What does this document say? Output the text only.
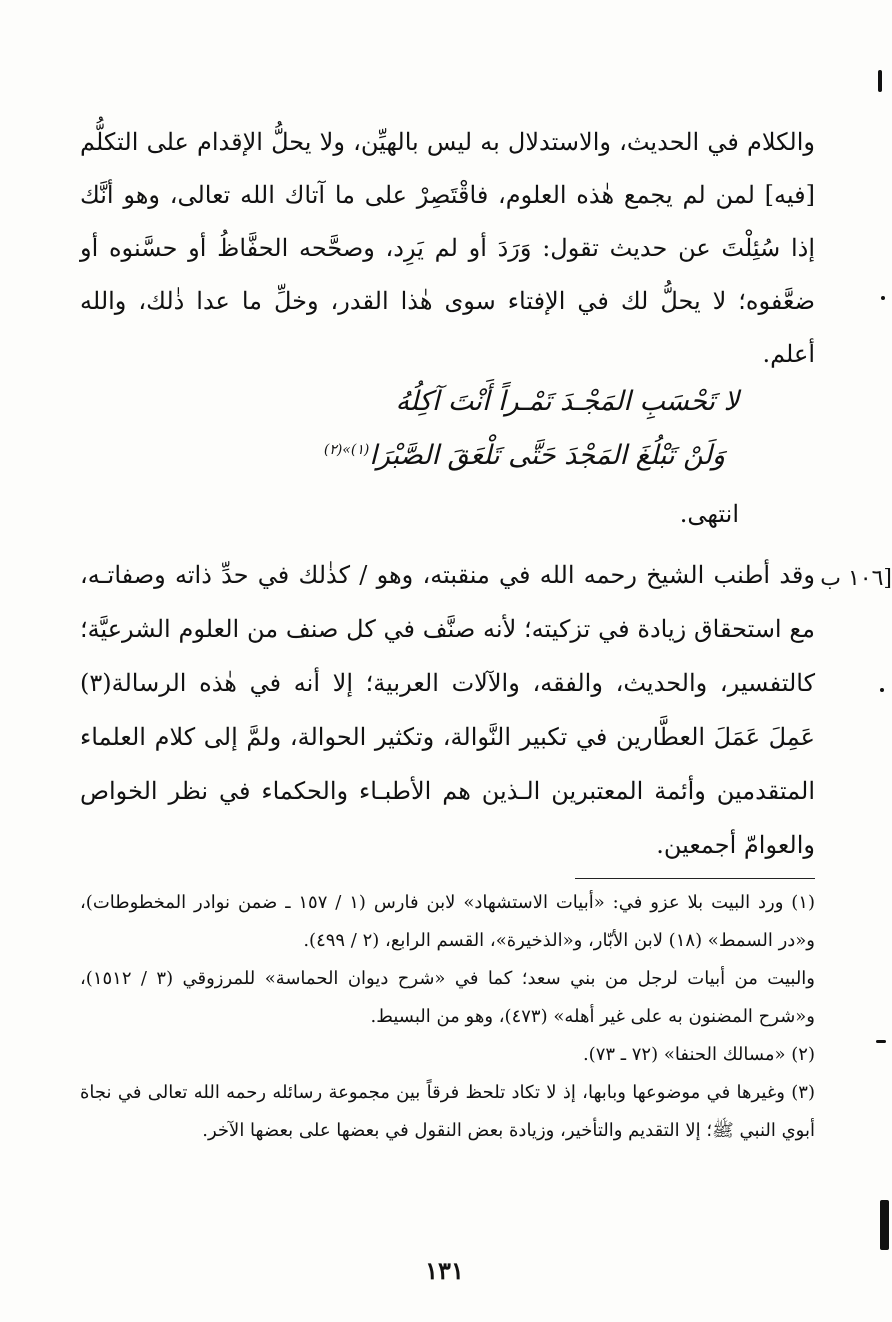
والكلام في الحديث، والاستدلال به ليس بالهيِّن، ولا يحلُّ الإقدام على التكلُّم [فيه] لمن لم يجمع هٰذه العلوم، فاقْتَصِرْ على ما آتاك الله تعالى، وهو أنَّك إذا سُئِلْتَ عن حديث تقول: وَرَدَ أو لم يَرِد، وصحَّحه الحفَّاظُ أو حسَّنوه أو ضعَّفوه؛ لا يحلُّ لك في الإفتاء سوى هٰذا القدر، وخلِّ ما عدا ذٰلك، والله أعلم.

لا تَحْسَبِ المَجْـدَ تَمْـراً أَنْتَ آكِلُهُ
وَلَنْ تَبْلُغَ المَجْدَ حَتَّى تَلْعَقَ الصَّبْرَا$^{(١)»(٢)}$
انتهى.

وقد أطنب الشيخ رحمه الله في منقبته، وهو / كذٰلك في حدِّ ذاته وصفاتـه، مع استحقاق زيادة في تزكيته؛ لأنه صنَّف في كل صنف من العلوم الشرعيَّة؛ كالتفسير، والحديث، والفقه، والآلات العربية؛ إلا أنه في هٰذه الرسالة(٣) عَمِلَ عَمَلَ العطَّارين في تكبير النَّوالة، وتكثير الحوالة، ولمَّ إلى كلام العلماء المتقدمين وأئمة المعتبرين الـذين هم الأطبـاء والحكماء في نظر الخواص والعوامّ أجمعين.

[١٠٦ ب

(١) ورد البيت بلا عزو في: «أبيات الاستشهاد» لابن فارس (١ / ١٥٧ ـ ضمن نوادر المخطوطات)، و«در السمط» (١٨) لابن الأبّار، و«الذخيرة»، القسم الرابع، (٢ / ٤٩٩).

والبيت من أبيات لرجل من بني سعد؛ كما في «شرح ديوان الحماسة» للمرزوقي (٣ / ١٥١٢)، و«شرح المضنون به على غير أهله» (٤٧٣)، وهو من البسيط.

(٢) «مسالك الحنفا» (٧٢ ـ ٧٣).

(٣) وغيرها في موضوعها وبابها، إذ لا تكاد تلحظ فرقاً بين مجموعة رسائله رحمه الله تعالى في نجاة أبوي النبي ﷺ؛ إلا التقديم والتأخير، وزيادة بعض النقول في بعضها على بعضها الآخر.

١٣١
